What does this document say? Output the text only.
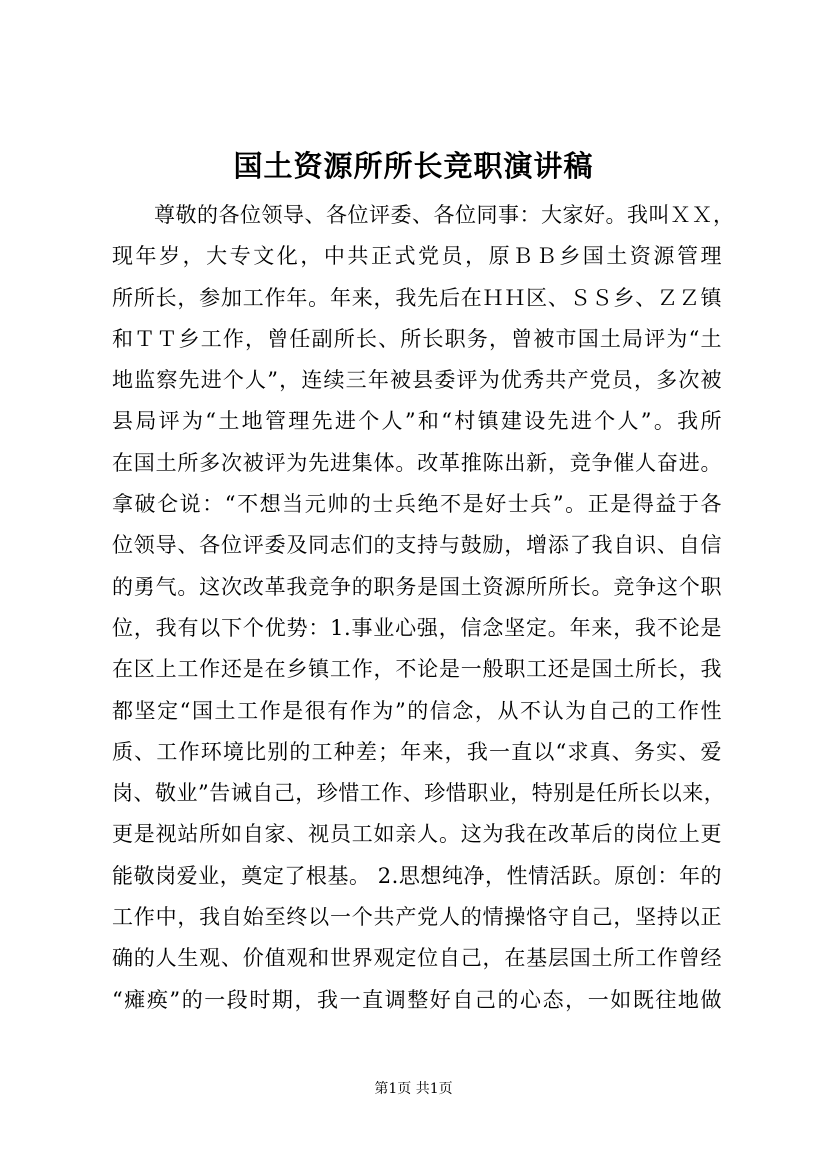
国土资源所所长竞职演讲稿
尊敬的各位领导、各位评委、各位同事：大家好。我叫ＸＸ，
现年岁，大专文化，中共正式党员，原ＢＢ乡国土资源管理
所所长，参加工作年。年来，我先后在ＨＨ区、ＳＳ乡、ＺＺ镇
和ＴＴ乡工作，曾任副所长、所长职务，曾被市国土局评为“土
地监察先进个人”，连续三年被县委评为优秀共产党员，多次被
县局评为“土地管理先进个人”和“村镇建设先进个人”。我所
在国土所多次被评为先进集体。改革推陈出新，竞争催人奋进。
拿破仑说：“不想当元帅的士兵绝不是好士兵”。正是得益于各
位领导、各位评委及同志们的支持与鼓励，增添了我自识、自信
的勇气。这次改革我竞争的职务是国土资源所所长。竞争这个职
位，我有以下个优势：1.事业心强，信念坚定。年来，我不论是
在区上工作还是在乡镇工作，不论是一般职工还是国土所长，我
都坚定“国土工作是很有作为”的信念，从不认为自己的工作性
质、工作环境比别的工种差；年来，我一直以“求真、务实、爱
岗、敬业”告诫自己，珍惜工作、珍惜职业，特别是任所长以来，
更是视站所如自家、视员工如亲人。这为我在改革后的岗位上更
能敬岗爱业，奠定了根基。 2.思想纯净，性情活跃。原创：年的
工作中，我自始至终以一个共产党人的情操恪守自己，坚持以正
确的人生观、价值观和世界观定位自己，在基层国土所工作曾经
“瘫痪”的一段时期，我一直调整好自己的心态，一如既往地做
第1页 共1页
